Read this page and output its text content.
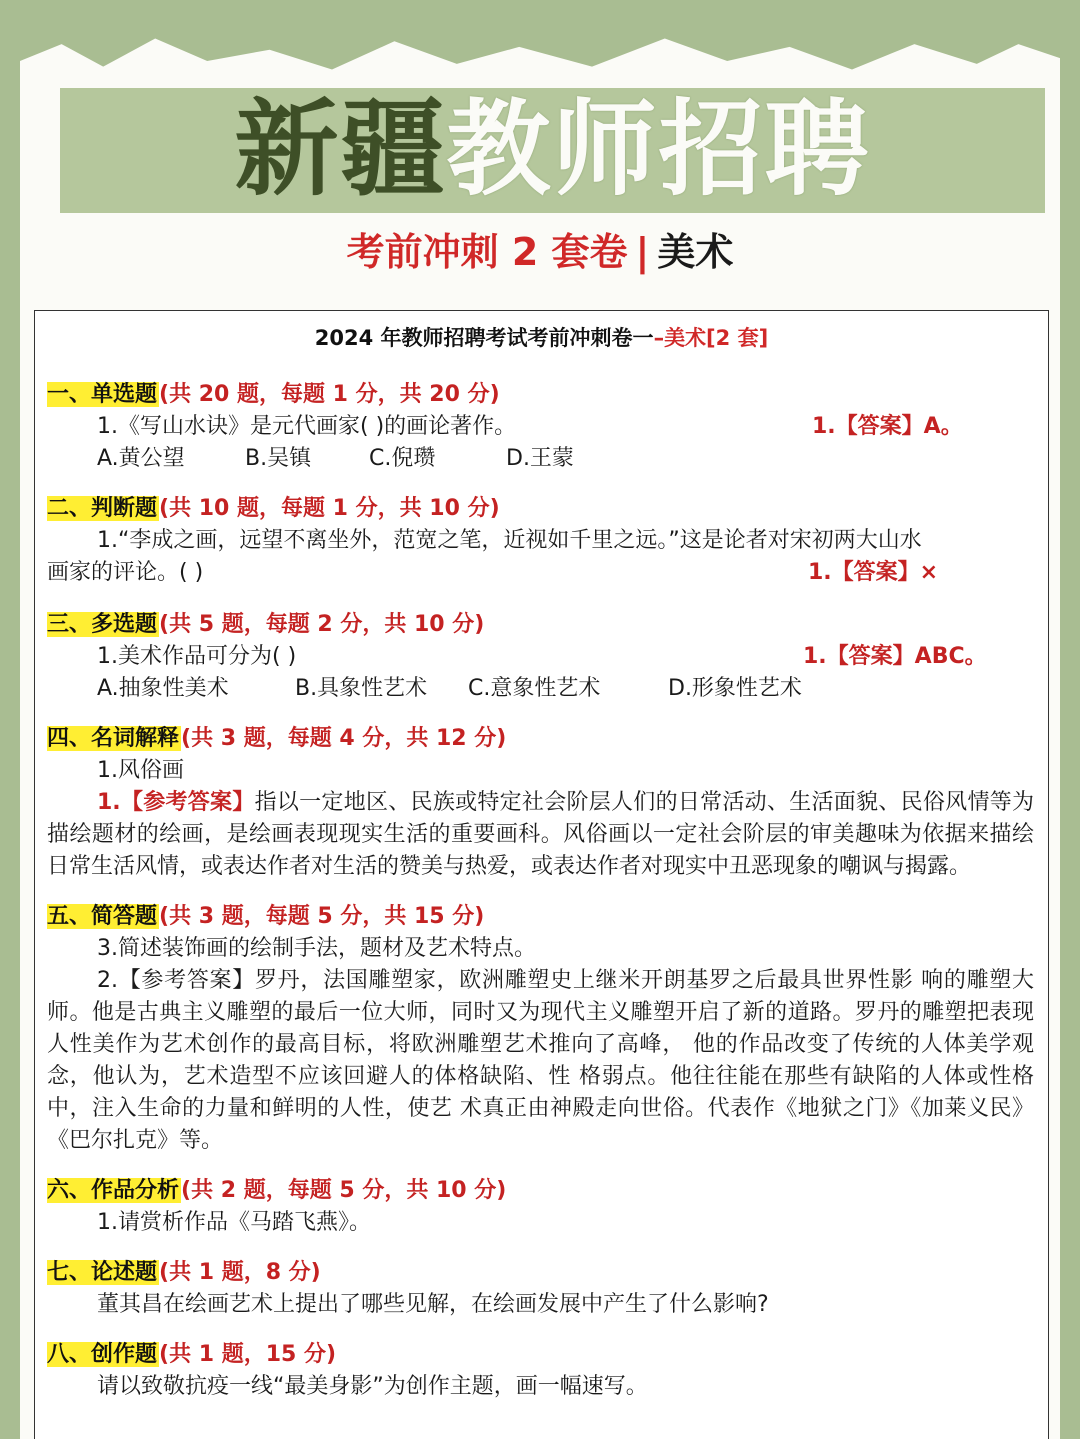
新疆教师招聘
考前冲刺 2 套卷 | 美术
2024 年教师招聘考试考前冲刺卷一–美术[2 套]
一、单选题(共 20 题，每题 1 分，共 20 分)
1.《写山水诀》是元代画家( )的画论著作。	1.【答案】A。
A.黄公望	B.吴镇	C.倪瓒	D.王蒙
二、判断题(共 10 题，每题 1 分，共 10 分)
1.“李成之画，远望不离坐外，范宽之笔，近视如千里之远。”这是论者对宋初两大山水
画家的评论。( )	1.【答案】×
三、多选题(共 5 题，每题 2 分，共 10 分)
1.美术作品可分为( )	1.【答案】ABC。
A.抽象性美术	B.具象性艺术	C.意象性艺术	D.形象性艺术
四、名词解释(共 3 题，每题 4 分，共 12 分)
1.风俗画
1.【参考答案】指以一定地区、民族或特定社会阶层人们的日常活动、生活面貌、民俗风情等为描绘题材的绘画，是绘画表现现实生活的重要画科。风俗画以一定社会阶层的审美趣味为依据来描绘日常生活风情，或表达作者对生活的赞美与热爱，或表达作者对现实中丑恶现象的嘲讽与揭露。
五、简答题(共 3 题，每题 5 分，共 15 分)
3.简述装饰画的绘制手法，题材及艺术特点。
2.【参考答案】罗丹，法国雕塑家，欧洲雕塑史上继米开朗基罗之后最具世界性影 响的雕塑大师。他是古典主义雕塑的最后一位大师，同时又为现代主义雕塑开启了新的道路。罗丹的雕塑把表现人性美作为艺术创作的最高目标，将欧洲雕塑艺术推向了高峰， 他的作品改变了传统的人体美学观念，他认为，艺术造型不应该回避人的体格缺陷、性 格弱点。他往往能在那些有缺陷的人体或性格中，注入生命的力量和鲜明的人性，使艺 术真正由神殿走向世俗。代表作《地狱之门》《加莱义民》《巴尔扎克》等。
六、作品分析(共 2 题，每题 5 分，共 10 分)
1.请赏析作品《马踏飞燕》。
七、论述题(共 1 题，8 分)
董其昌在绘画艺术上提出了哪些见解，在绘画发展中产生了什么影响?
八、创作题(共 1 题，15 分)
请以致敬抗疫一线“最美身影”为创作主题，画一幅速写。
